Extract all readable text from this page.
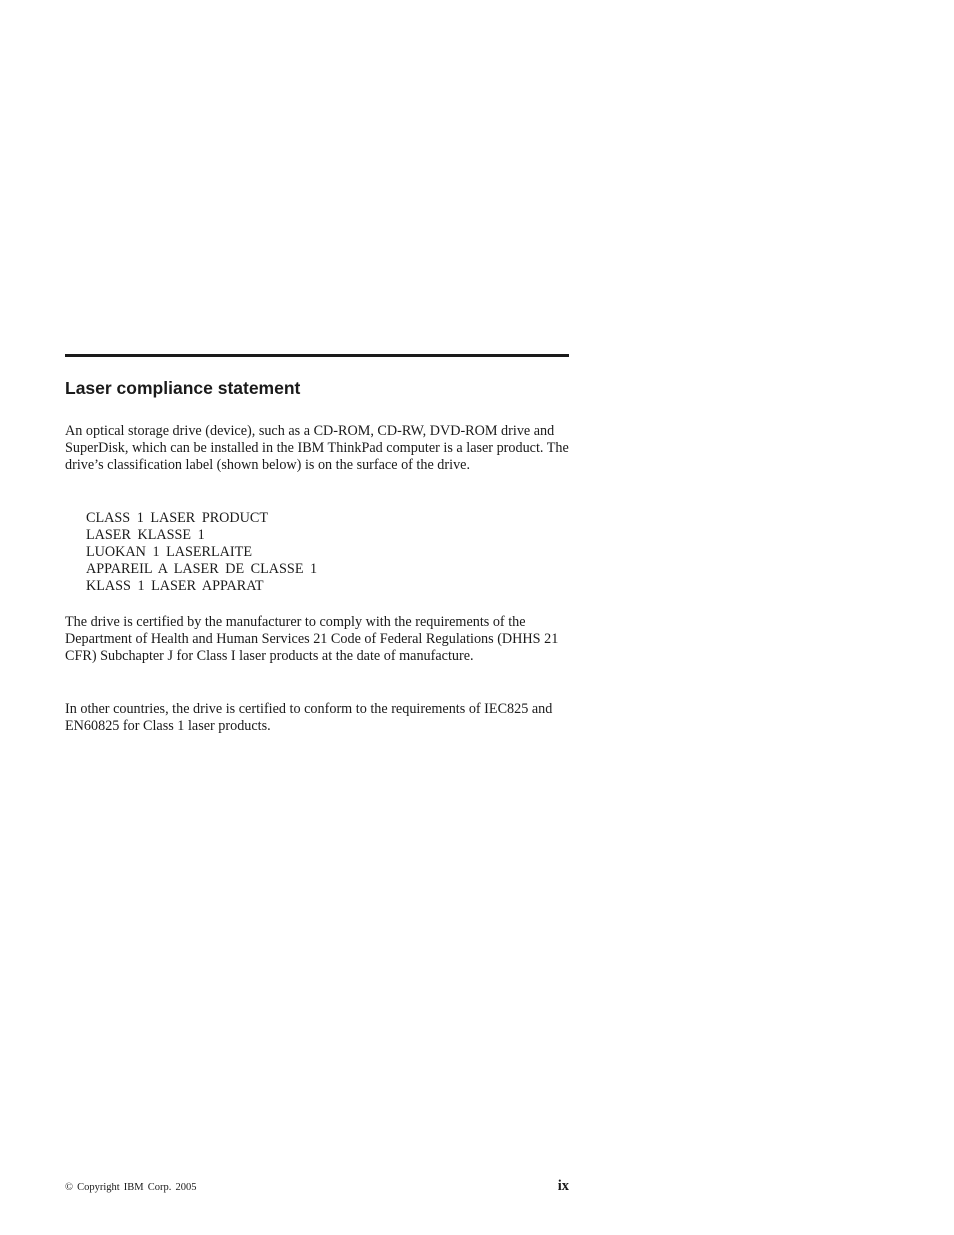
Laser compliance statement

An optical storage drive (device), such as a CD-ROM, CD-RW, DVD-ROM drive and SuperDisk, which can be installed in the IBM ThinkPad computer is a laser product. The drive’s classification label (shown below) is on the surface of the drive.

CLASS 1 LASER PRODUCT
LASER KLASSE 1
LUOKAN 1 LASERLAITE
APPAREIL A LASER DE CLASSE 1
KLASS 1 LASER APPARAT

The drive is certified by the manufacturer to comply with the requirements of the Department of Health and Human Services 21 Code of Federal Regulations (DHHS 21 CFR) Subchapter J for Class I laser products at the date of manufacture.

In other countries, the drive is certified to conform to the requirements of IEC825 and EN60825 for Class 1 laser products.

© Copyright IBM Corp. 2005	ix
